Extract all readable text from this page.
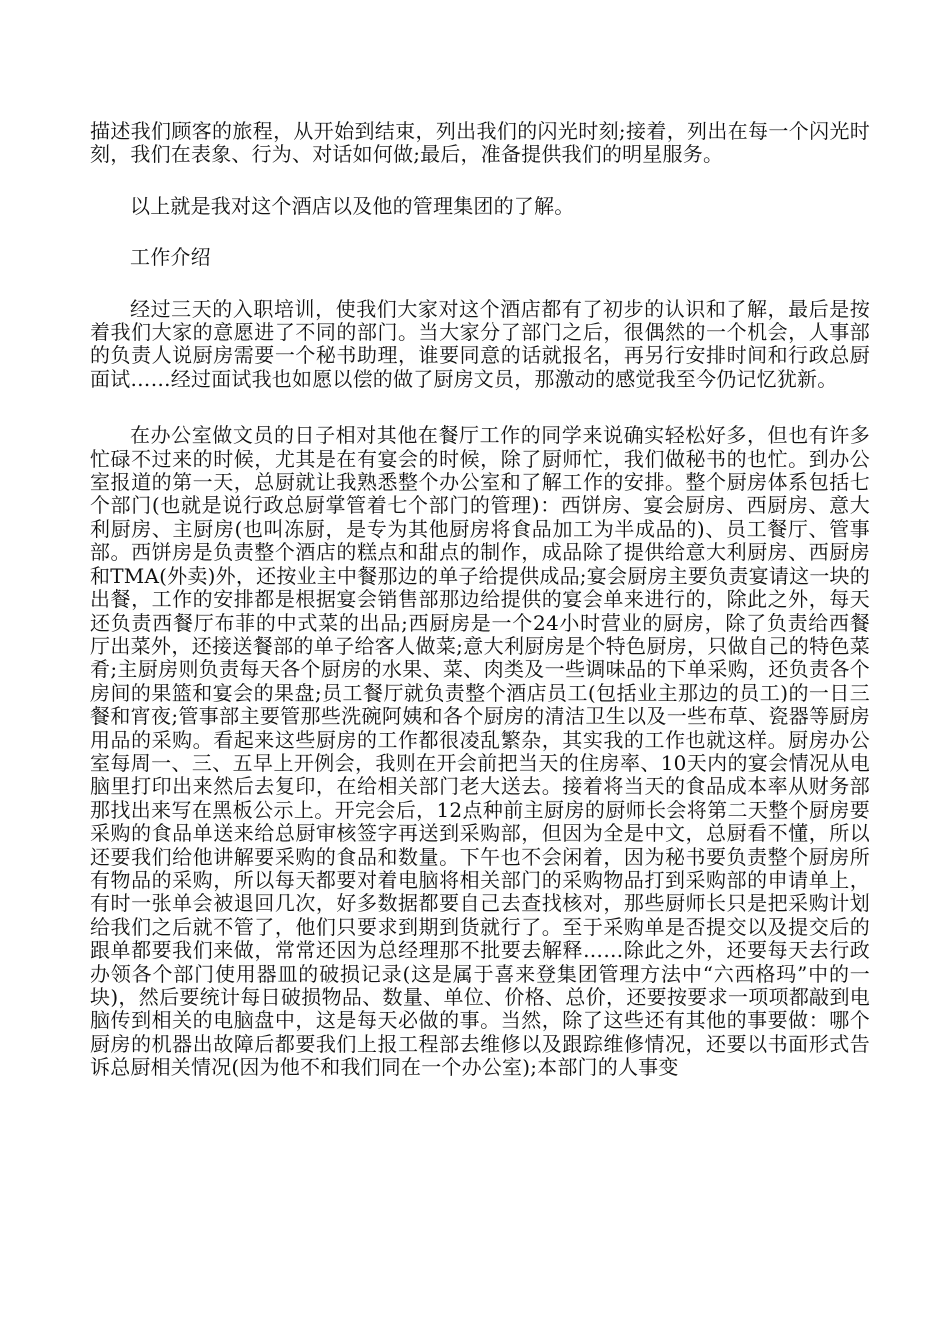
描述我们顾客的旅程，从开始到结束，列出我们的闪光时刻;接着，列出在每一个闪光时刻，我们在表象、行为、对话如何做;最后，准备提供我们的明星服务。

以上就是我对这个酒店以及他的管理集团的了解。

工作介绍

经过三天的入职培训，使我们大家对这个酒店都有了初步的认识和了解，最后是按着我们大家的意愿进了不同的部门。当大家分了部门之后，很偶然的一个机会，人事部的负责人说厨房需要一个秘书助理，谁要同意的话就报名，再另行安排时间和行政总厨面试……经过面试我也如愿以偿的做了厨房文员，那激动的感觉我至今仍记忆犹新。

在办公室做文员的日子相对其他在餐厅工作的同学来说确实轻松好多，但也有许多忙碌不过来的时候，尤其是在有宴会的时候，除了厨师忙，我们做秘书的也忙。到办公室报道的第一天，总厨就让我熟悉整个办公室和了解工作的安排。整个厨房体系包括七个部门(也就是说行政总厨掌管着七个部门的管理)：西饼房、宴会厨房、西厨房、意大利厨房、主厨房(也叫冻厨，是专为其他厨房将食品加工为半成品的)、员工餐厅、管事部。西饼房是负责整个酒店的糕点和甜点的制作，成品除了提供给意大利厨房、西厨房和TMA(外卖)外，还按业主中餐那边的单子给提供成品;宴会厨房主要负责宴请这一块的出餐，工作的安排都是根据宴会销售部那边给提供的宴会单来进行的，除此之外，每天还负责西餐厅布菲的中式菜的出品;西厨房是一个24小时营业的厨房，除了负责给西餐厅出菜外，还接送餐部的单子给客人做菜;意大利厨房是个特色厨房，只做自己的特色菜肴;主厨房则负责每天各个厨房的水果、菜、肉类及一些调味品的下单采购，还负责各个房间的果篮和宴会的果盘;员工餐厅就负责整个酒店员工(包括业主那边的员工)的一日三餐和宵夜;管事部主要管那些洗碗阿姨和各个厨房的清洁卫生以及一些布草、瓷器等厨房用品的采购。看起来这些厨房的工作都很凌乱繁杂，其实我的工作也就这样。厨房办公室每周一、三、五早上开例会，我则在开会前把当天的住房率、10天内的宴会情况从电脑里打印出来然后去复印，在给相关部门老大送去。接着将当天的食品成本率从财务部那找出来写在黑板公示上。开完会后，12点种前主厨房的厨师长会将第二天整个厨房要采购的食品单送来给总厨审核签字再送到采购部，但因为全是中文，总厨看不懂，所以还要我们给他讲解要采购的食品和数量。下午也不会闲着，因为秘书要负责整个厨房所有物品的采购，所以每天都要对着电脑将相关部门的采购物品打到采购部的申请单上，有时一张单会被退回几次，好多数据都要自己去查找核对，那些厨师长只是把采购计划给我们之后就不管了，他们只要求到期到货就行了。至于采购单是否提交以及提交后的跟单都要我们来做，常常还因为总经理那不批要去解释……除此之外，还要每天去行政办领各个部门使用器皿的破损记录(这是属于喜来登集团管理方法中“六西格玛”中的一块)，然后要统计每日破损物品、数量、单位、价格、总价，还要按要求一项项都敲到电脑传到相关的电脑盘中，这是每天必做的事。当然，除了这些还有其他的事要做：哪个厨房的机器出故障后都要我们上报工程部去维修以及跟踪维修情况，还要以书面形式告诉总厨相关情况(因为他不和我们同在一个办公室);本部门的人事变
